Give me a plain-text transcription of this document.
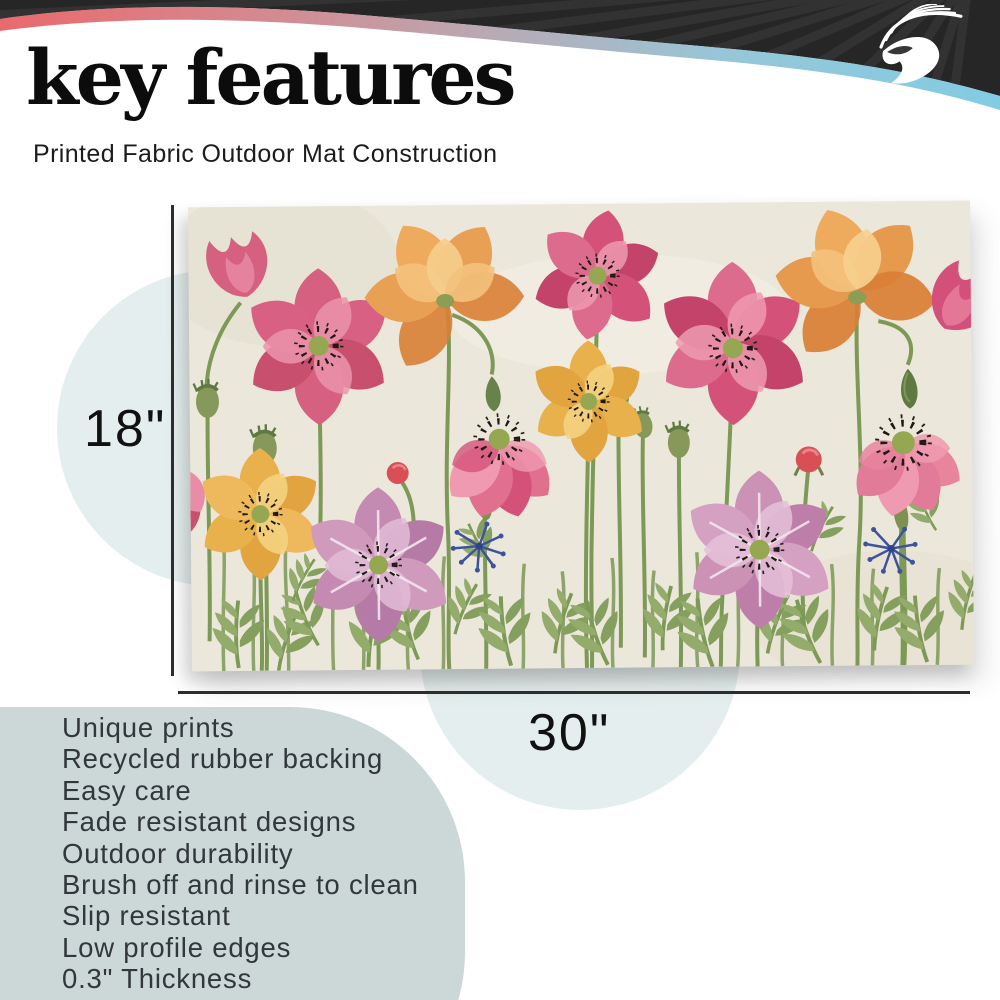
key features
Printed Fabric Outdoor Mat Construction
18"
30"
Unique prints
Recycled rubber backing
Easy care
Fade resistant designs
Outdoor durability
Brush off and rinse to clean
Slip resistant
Low profile edges
0.3" Thickness
